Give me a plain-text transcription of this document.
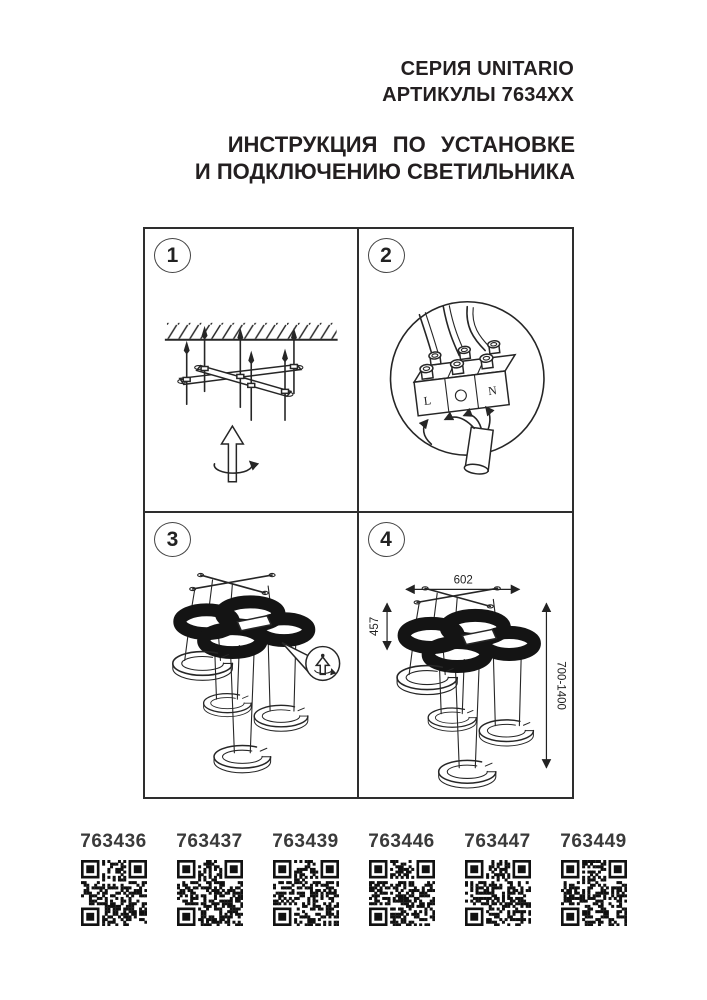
СЕРИЯ UNITARIO
АРТИКУЛЫ 7634XX
ИНСТРУКЦИЯ ПО УСТАНОВКЕ
И ПОДКЛЮЧЕНИЮ СВЕТИЛЬНИКА
1	2
L
N
3	4
602
457
700-1400
763436	763437	763439	763446	763447	763449
